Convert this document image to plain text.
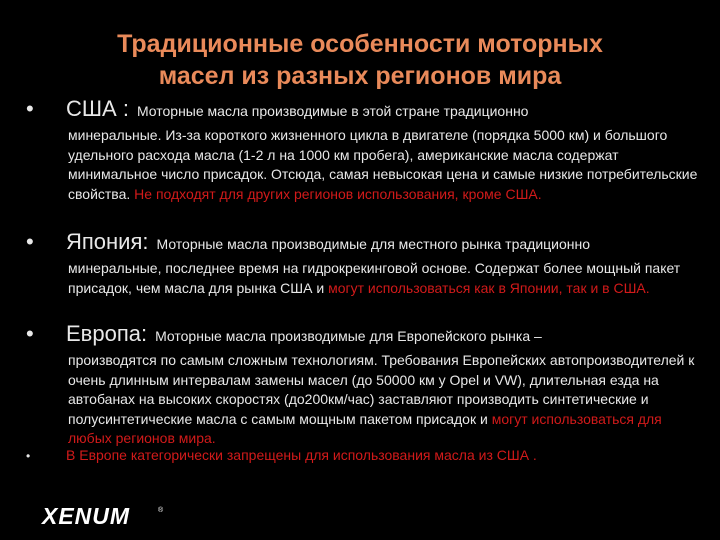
Традиционные особенности моторных
масел из разных регионов мира
•	США : Моторные масла производимые в этой стране традиционно
минеральные. Из-за короткого жизненного цикла в двигателе (порядка 5000 км) и большого удельного расхода масла (1-2 л на 1000 км пробега), американские масла содержат минимальное число присадок. Отсюда, самая невысокая цена и самые низкие потребительские свойства. Не подходят для других регионов использования, кроме США.
•	Япония: Моторные масла производимые для местного рынка традиционно
минеральные, последнее время на гидрокрекинговой основе. Содержат более мощный пакет присадок, чем масла для рынка США и могут использоваться как в Японии, так и в США.
•	Европа: Моторные масла производимые для Европейского рынка –
производятся по самым сложным технологиям. Требования Европейских автопроизводителей к очень длинным интервалам замены масел (до 50000 км у Opel и VW), длительная езда на автобанах на высоких скоростях (до200км/час) заставляют производить синтетические и полусинтетические масла с самым мощным пакетом присадок и могут использоваться для любых регионов мира.
•	В Европе категорически запрещены для использования масла из США .
XENUM	®
